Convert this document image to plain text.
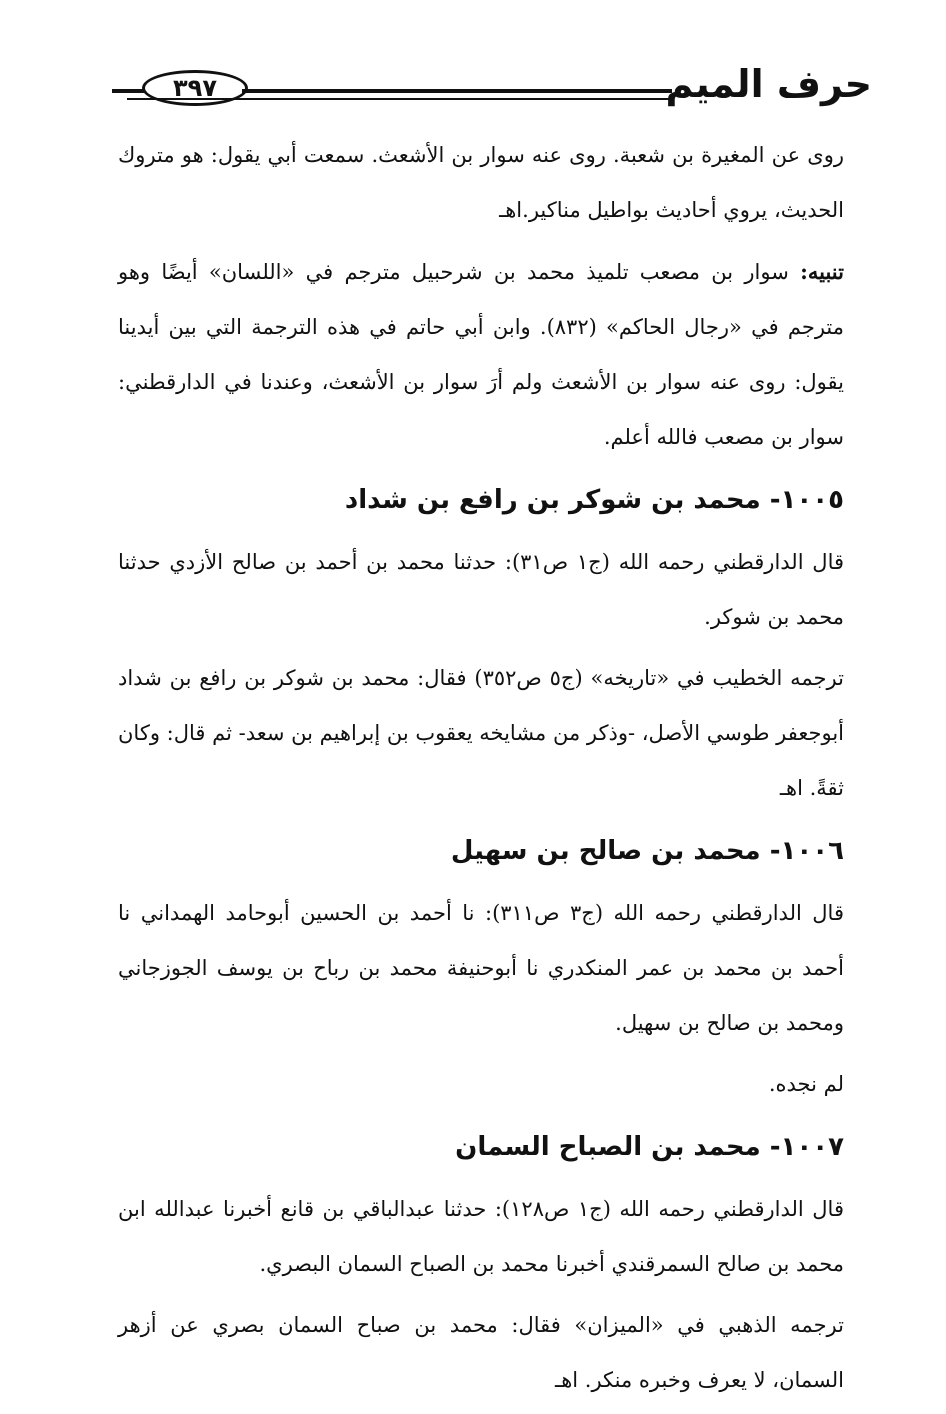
٣٩٧	حرف الميم

روى عن المغيرة بن شعبة. روى عنه سوار بن الأشعث. سمعت أبي يقول: هو متروك الحديث، يروي أحاديث بواطيل مناكير.اهـ

تنبيه: سوار بن مصعب تلميذ محمد بن شرحبيل مترجم في «اللسان» أيضًا وهو مترجم في «رجال الحاكم» (٨٣٢). وابن أبي حاتم في هذه الترجمة التي بين أيدينا يقول: روى عنه سوار بن الأشعث ولم أرَ سوار بن الأشعث، وعندنا في الدارقطني: سوار بن مصعب فالله أعلم.

١٠٠٥- محمد بن شوكر بن رافع بن شداد

قال الدارقطني رحمه الله (ج١ ص٣١): حدثنا محمد بن أحمد بن صالح الأزدي حدثنا محمد بن شوكر.

ترجمه الخطيب في «تاريخه» (ج٥ ص٣٥٢) فقال: محمد بن شوكر بن رافع بن شداد أبوجعفر طوسي الأصل، -وذكر من مشايخه يعقوب بن إبراهيم بن سعد- ثم قال: وكان ثقةً. اهـ

١٠٠٦- محمد بن صالح بن سهيل

قال الدارقطني رحمه الله (ج٣ ص٣١١): نا أحمد بن الحسين أبوحامد الهمداني نا أحمد بن محمد بن عمر المنكدري نا أبوحنيفة محمد بن رباح بن يوسف الجوزجاني ومحمد بن صالح بن سهيل.

لم نجده.

١٠٠٧- محمد بن الصباح السمان

قال الدارقطني رحمه الله (ج١ ص١٢٨): حدثنا عبدالباقي بن قانع أخبرنا عبدالله ابن محمد بن صالح السمرقندي أخبرنا محمد بن الصباح السمان البصري.

ترجمه الذهبي في «الميزان» فقال: محمد بن صباح السمان بصري عن أزهر السمان، لا يعرف وخبره منكر. اهـ
